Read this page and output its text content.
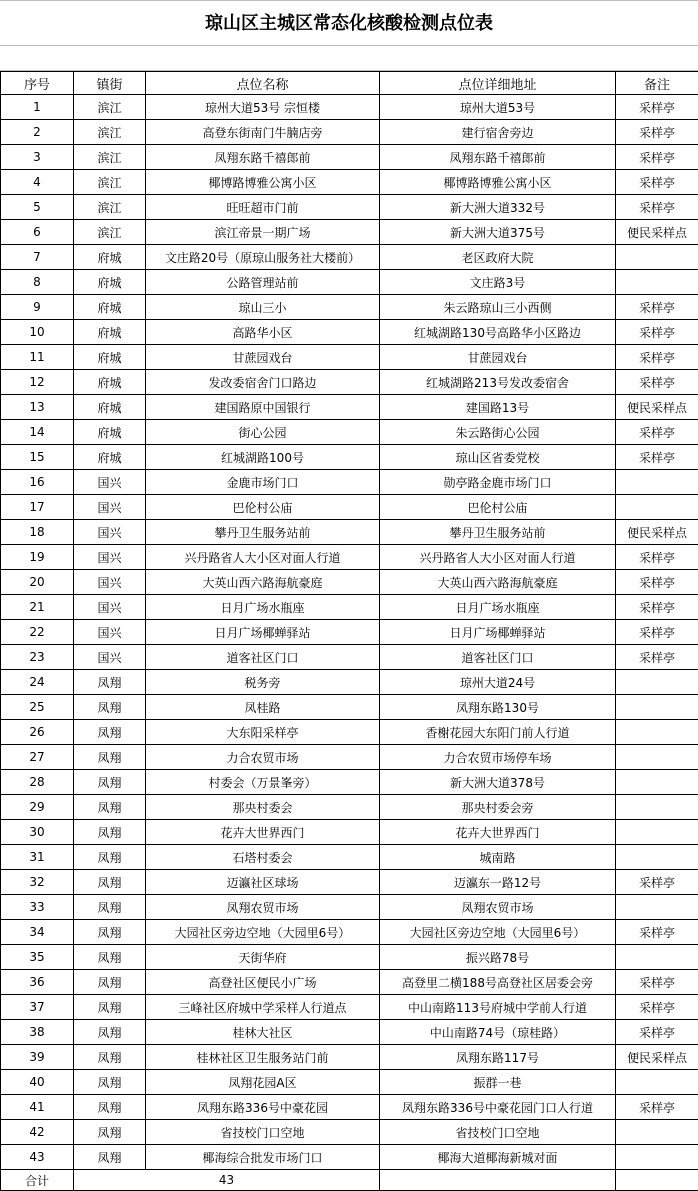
琼山区主城区常态化核酸检测点位表
序号	镇街	点位名称	点位详细地址	备注
1	滨江	琼州大道53号 宗恒楼	琼州大道53号	采样亭
2	滨江	高登东街南门牛腩店旁	建行宿舍旁边	采样亭
3	滨江	凤翔东路千禧郎前	凤翔东路千禧郎前	采样亭
4	滨江	椰博路博雅公寓小区	椰博路博雅公寓小区	采样亭
5	滨江	旺旺超市门前	新大洲大道332号	采样亭
6	滨江	滨江帝景一期广场	新大洲大道375号	便民采样点
7	府城	文庄路20号（原琼山服务社大楼前）	老区政府大院	
8	府城	公路管理站前	文庄路3号	
9	府城	琼山三小	朱云路琼山三小西侧	采样亭
10	府城	高路华小区	红城湖路130号高路华小区路边	采样亭
11	府城	甘蔗园戏台	甘蔗园戏台	采样亭
12	府城	发改委宿舍门口路边	红城湖路213号发改委宿舍	采样亭
13	府城	建国路原中国银行	建国路13号	便民采样点
14	府城	街心公园	朱云路街心公园	采样亭
15	府城	红城湖路100号	琼山区省委党校	采样亭
16	国兴	金鹿市场门口	勋亭路金鹿市场门口	
17	国兴	巴伦村公庙	巴伦村公庙	
18	国兴	攀丹卫生服务站前	攀丹卫生服务站前	便民采样点
19	国兴	兴丹路省人大小区对面人行道	兴丹路省人大小区对面人行道	采样亭
20	国兴	大英山西六路海航豪庭	大英山西六路海航豪庭	采样亭
21	国兴	日月广场水瓶座	日月广场水瓶座	采样亭
22	国兴	日月广场椰蝉驿站	日月广场椰蝉驿站	采样亭
23	国兴	道客社区门口	道客社区门口	采样亭
24	凤翔	税务旁	琼州大道24号	
25	凤翔	凤桂路	凤翔东路130号	
26	凤翔	大东阳采样亭	香榭花园大东阳门前人行道	
27	凤翔	力合农贸市场	力合农贸市场停车场	
28	凤翔	村委会（万景峯旁）	新大洲大道378号	
29	凤翔	那央村委会	那央村委会旁	
30	凤翔	花卉大世界西门	花卉大世界西门	
31	凤翔	石塔村委会	城南路	
32	凤翔	迈瀛社区球场	迈瀛东一路12号	采样亭
33	凤翔	凤翔农贸市场	凤翔农贸市场	
34	凤翔	大园社区旁边空地（大园里6号）	大园社区旁边空地（大园里6号）	采样亭
35	凤翔	天街华府	振兴路78号	
36	凤翔	高登社区便民小广场	高登里二横188号高登社区居委会旁	采样亭
37	凤翔	三峰社区府城中学采样人行道点	中山南路113号府城中学前人行道	采样亭
38	凤翔	桂林大社区	中山南路74号（琼桂路）	采样亭
39	凤翔	桂林社区卫生服务站门前	凤翔东路117号	便民采样点
40	凤翔	凤翔花园A区	振群一巷	
41	凤翔	凤翔东路336号中豪花园	凤翔东路336号中豪花园门口人行道	采样亭
42	凤翔	省技校门口空地	省技校门口空地	
43	凤翔	椰海综合批发市场门口	椰海大道椰海新城对面	
合计	43			
